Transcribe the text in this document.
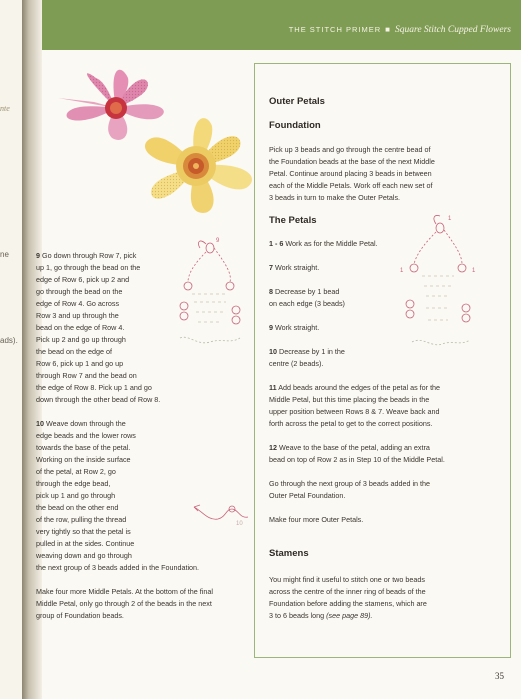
nte
ne
ads).
THE STITCH PRIMER ■ Square Stitch Cupped Flowers
9
10
1
1	1
9 Go down through Row 7, pick
up 1, go through the bead on the
edge of Row 6, pick up 2 and
go through the bead on the
edge of Row 4. Go across
Row 3 and up through the
bead on the edge of Row 4.
Pick up 2 and go up through
the bead on the edge of
Row 6, pick up 1 and go up
through Row 7 and the bead on
the edge of Row 8. Pick up 1 and go
down through the other bead of Row 8.
10 Weave down through the
edge beads and the lower rows
towards the base of the petal.
Working on the inside surface
of the petal, at Row 2, go
through the edge bead,
pick up 1 and go through
the bead on the other end
of the row, pulling the thread
very tightly so that the petal is
pulled in at the sides. Continue
weaving down and go through
the next group of 3 beads added in the Foundation.
Make four more Middle Petals. At the bottom of the final
Middle Petal, only go through 2 of the beads in the next
group of Foundation beads.
Outer Petals
Foundation
Pick up 3 beads and go through the centre bead of
the Foundation beads at the base of the next Middle
Petal. Continue around placing 3 beads in between
each of the Middle Petals. Work off each new set of
3 beads in turn to make the Outer Petals.
The Petals
1 - 6 Work as for the Middle Petal.
7 Work straight.
8 Decrease by 1 bead
on each edge (3 beads)
9 Work straight.
10 Decrease by 1 in the
centre (2 beads).
11 Add beads around the edges of the petal as for the
Middle Petal, but this time placing the beads in the
upper position between Rows 8 & 7. Weave back and
forth across the petal to get to the correct positions.
12 Weave to the base of the petal, adding an extra
bead on top of Row 2 as in Step 10 of the Middle Petal.
Go through the next group of 3 beads added in the
Outer Petal Foundation.
Make four more Outer Petals.
Stamens
You might find it useful to stitch one or two beads
across the centre of the inner ring of beads of the
Foundation before adding the stamens, which are
3 to 6 beads long (see page 89).
35
